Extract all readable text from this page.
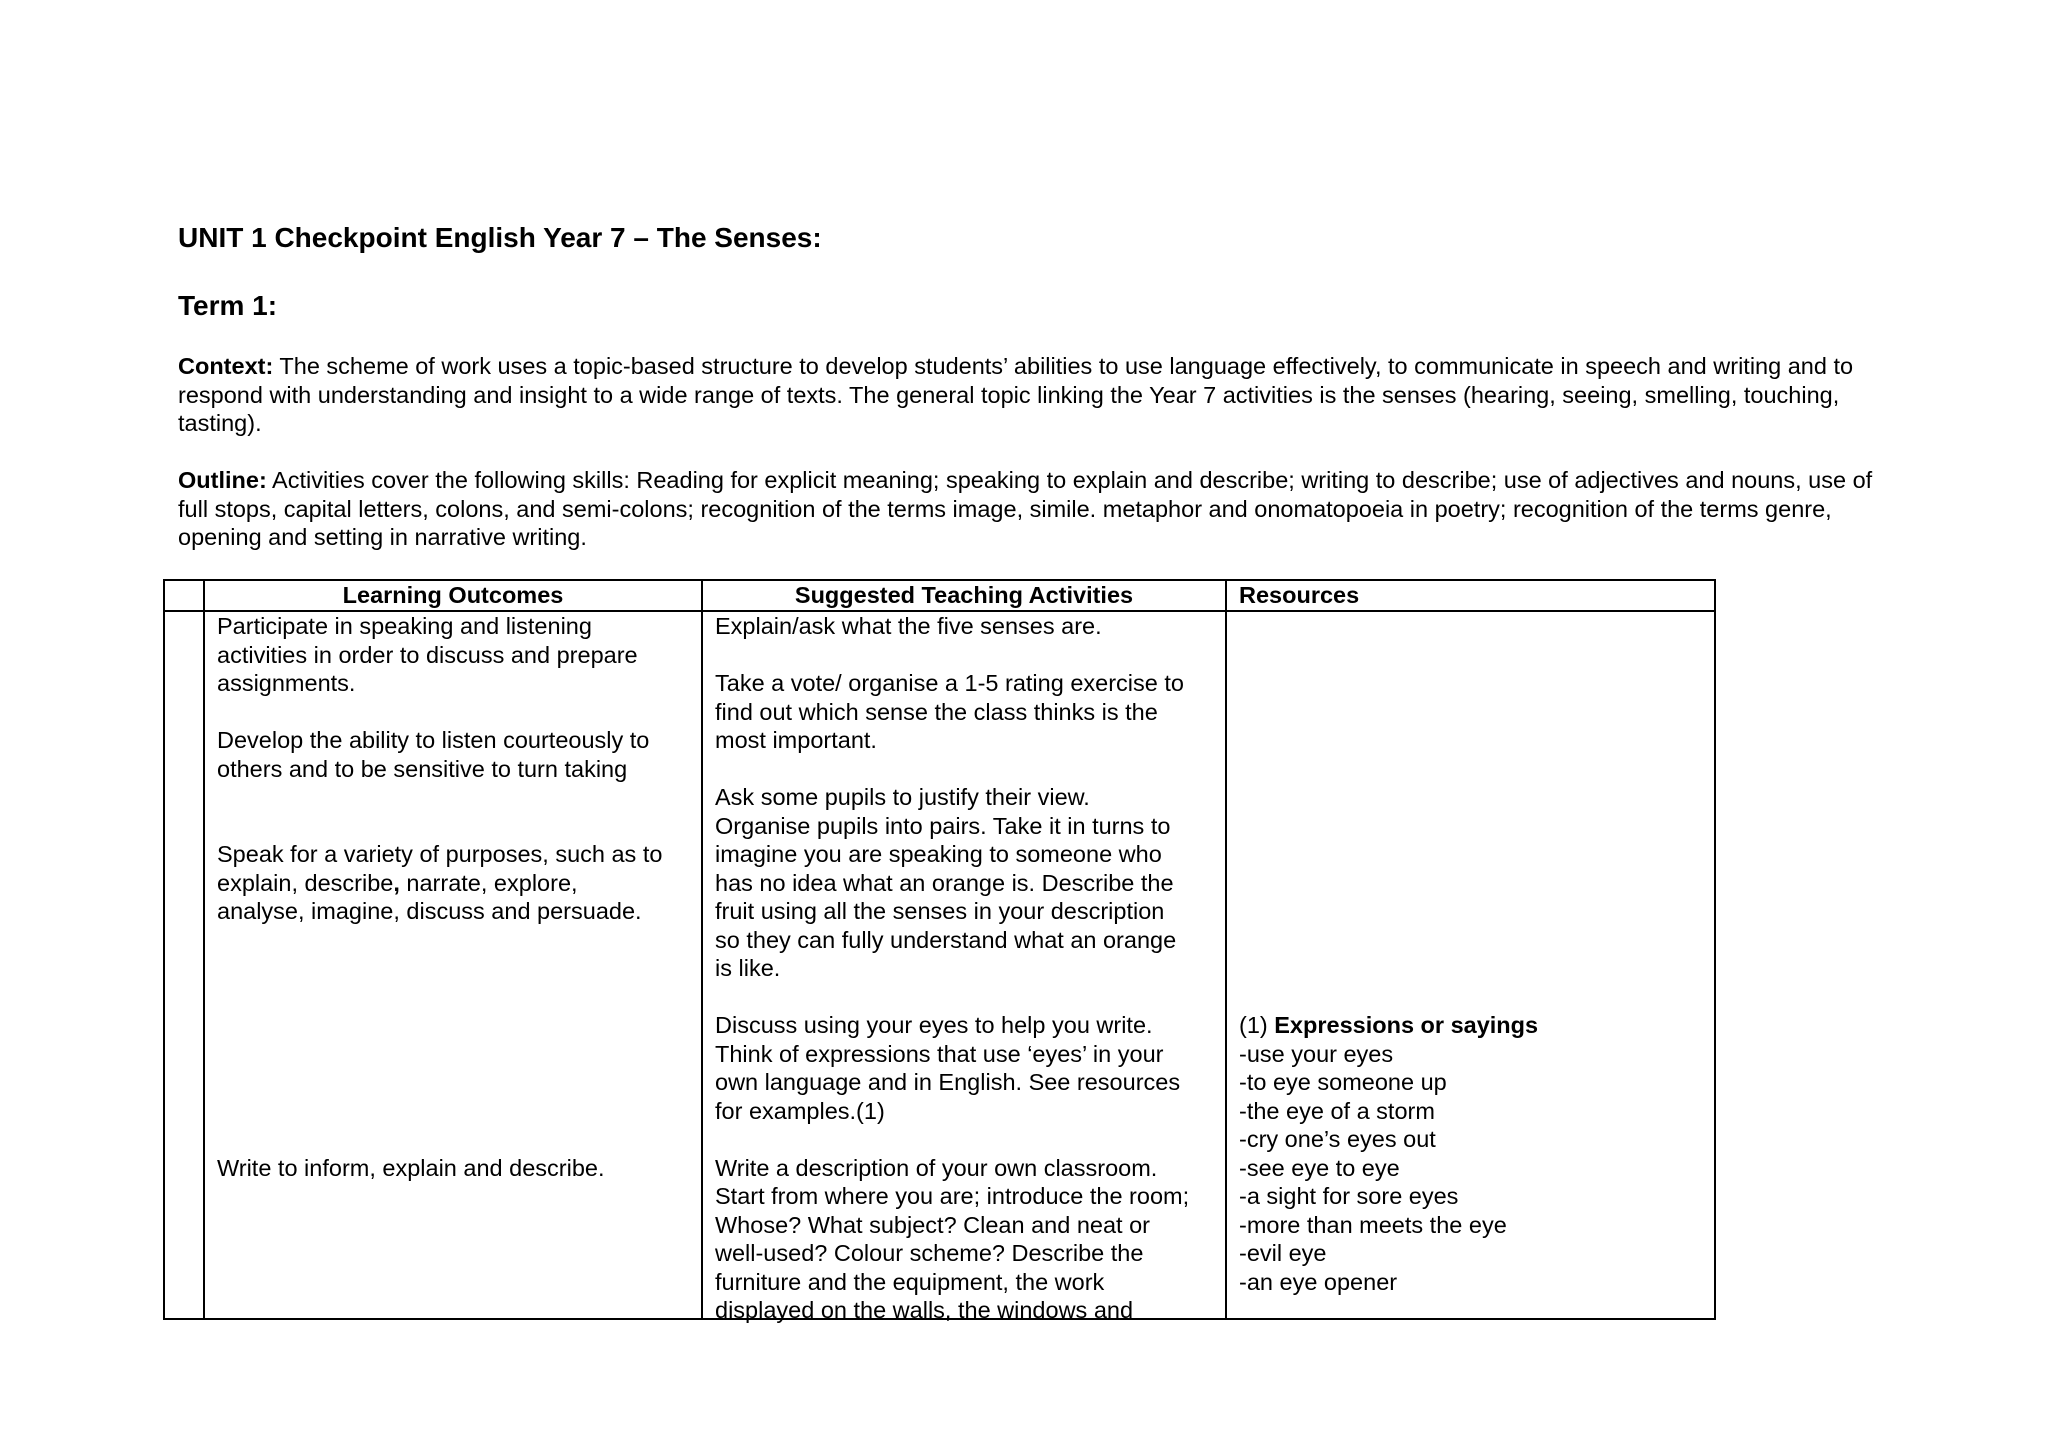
UNIT 1 Checkpoint English Year 7 – The Senses:
Term 1:

Context: The scheme of work uses a topic-based structure to develop students’ abilities to use language effectively, to communicate in speech and writing and to respond with understanding and insight to a wide range of texts. The general topic linking the Year 7 activities is the senses (hearing, seeing, smelling, touching, tasting).

Outline: Activities cover the following skills: Reading for explicit meaning; speaking to explain and describe; writing to describe; use of adjectives and nouns, use of full stops, capital letters, colons, and semi-colons; recognition of the terms image, simile. metaphor and onomatopoeia in poetry; recognition of the terms genre, opening and setting in narrative writing.

Learning Outcomes	Suggested Teaching Activities	Resources
Participate in speaking and listening
activities in order to discuss and prepare
assignments.
Develop the ability to listen courteously to
others and to be sensitive to turn taking
Speak for a variety of purposes, such as to
explain, describe, narrate, explore,
analyse, imagine, discuss and persuade.
Write to inform, explain and describe.
Explain/ask what the five senses are.
Take a vote/ organise a 1-5 rating exercise to
find out which sense the class thinks is the
most important.
Ask some pupils to justify their view.
Organise pupils into pairs. Take it in turns to
imagine you are speaking to someone who
has no idea what an orange is. Describe the
fruit using all the senses in your description
so they can fully understand what an orange
is like.
Discuss using your eyes to help you write.
Think of expressions that use ‘eyes’ in your
own language and in English. See resources
for examples.(1)
Write a description of your own classroom.
Start from where you are; introduce the room;
Whose? What subject? Clean and neat or
well-used? Colour scheme? Describe the
furniture and the equipment, the work
displayed on the walls, the windows and
(1) Expressions or sayings
-use your eyes
-to eye someone up
-the eye of a storm
-cry one’s eyes out
-see eye to eye
-a sight for sore eyes
-more than meets the eye
-evil eye
-an eye opener
